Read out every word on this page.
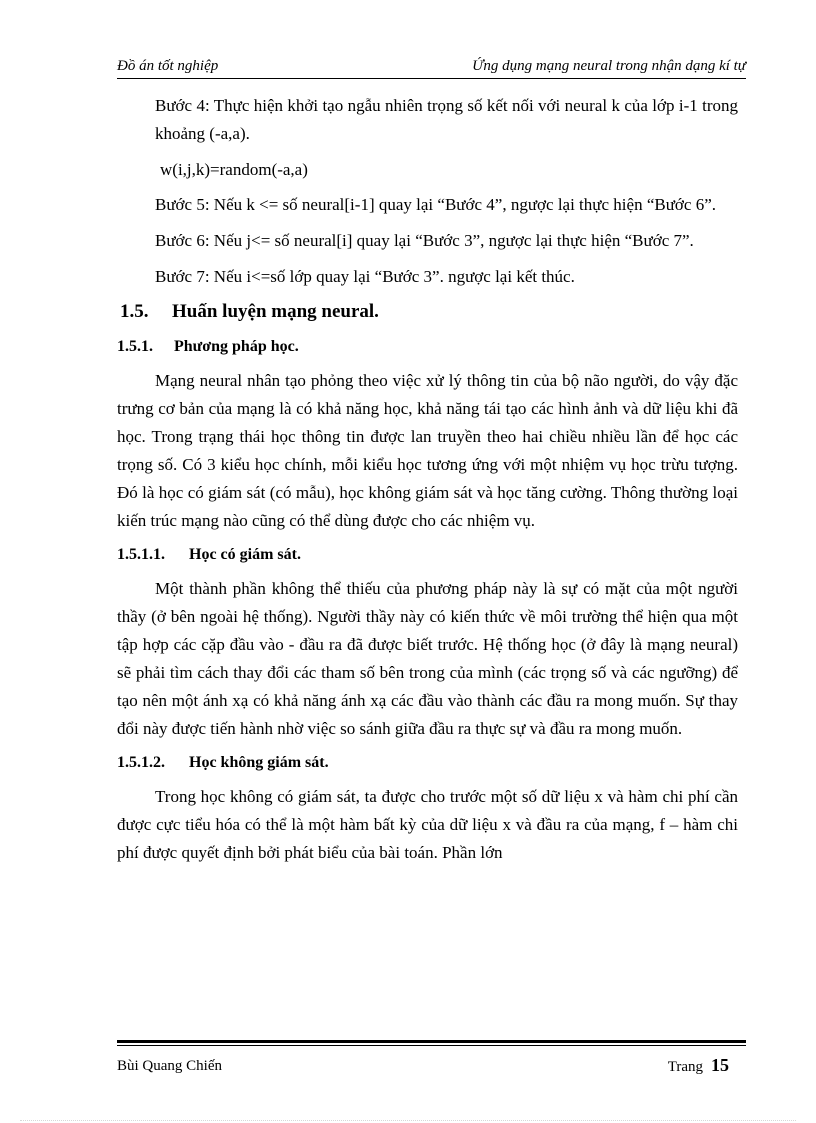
Đồ án tốt nghiệp	Ứng dụng mạng neural trong nhận dạng kí tự

Bước 4: Thực hiện khởi tạo ngẫu nhiên trọng số kết nối với neural k của lớp i-1 trong khoảng (-a,a).

w(i,j,k)=random(-a,a)

Bước 5: Nếu k <= số neural[i-1] quay lại “Bước 4”, ngược lại thực hiện “Bước 6”.

Bước 6: Nếu j<= số neural[i] quay lại “Bước 3”, ngược lại thực hiện “Bước 7”.

Bước 7: Nếu i<=số lớp quay lại “Bước 3”. ngược lại kết thúc.

1.5. Huấn luyện mạng neural.
1.5.1. Phương pháp học.

Mạng neural nhân tạo phỏng theo việc xử lý thông tin của bộ não người, do vậy đặc trưng cơ bản của mạng là có khả năng học, khả năng tái tạo các hình ảnh và dữ liệu khi đã học. Trong trạng thái học thông tin được lan truyền theo hai chiều nhiều lần để học các trọng số. Có 3 kiểu học chính, mỗi kiểu học tương ứng với một nhiệm vụ học trừu tượng. Đó là học có giám sát (có mẫu), học không giám sát và học tăng cường. Thông thường loại kiến trúc mạng nào cũng có thể dùng được cho các nhiệm vụ.

1.5.1.1. Học có giám sát.

Một thành phần không thể thiếu của phương pháp này là sự có mặt của một người thầy (ở bên ngoài hệ thống). Người thầy này có kiến thức về môi trường thể hiện qua một tập hợp các cặp đầu vào - đầu ra đã được biết trước. Hệ thống học (ở đây là mạng neural) sẽ phải tìm cách thay đổi các tham số bên trong của mình (các trọng số và các ngưỡng) để tạo nên một ánh xạ có khả năng ánh xạ các đầu vào thành các đầu ra mong muốn. Sự thay đổi này được tiến hành nhờ việc so sánh giữa đầu ra thực sự và đầu ra mong muốn.

1.5.1.2. Học không giám sát.

Trong học không có giám sát, ta được cho trước một số dữ liệu x và hàm chi phí cần được cực tiểu hóa có thể là một hàm bất kỳ của dữ liệu x và đầu ra của mạng, f – hàm chi phí được quyết định bởi phát biểu của bài toán. Phần lớn

Bùi Quang Chiến	Trang 15
